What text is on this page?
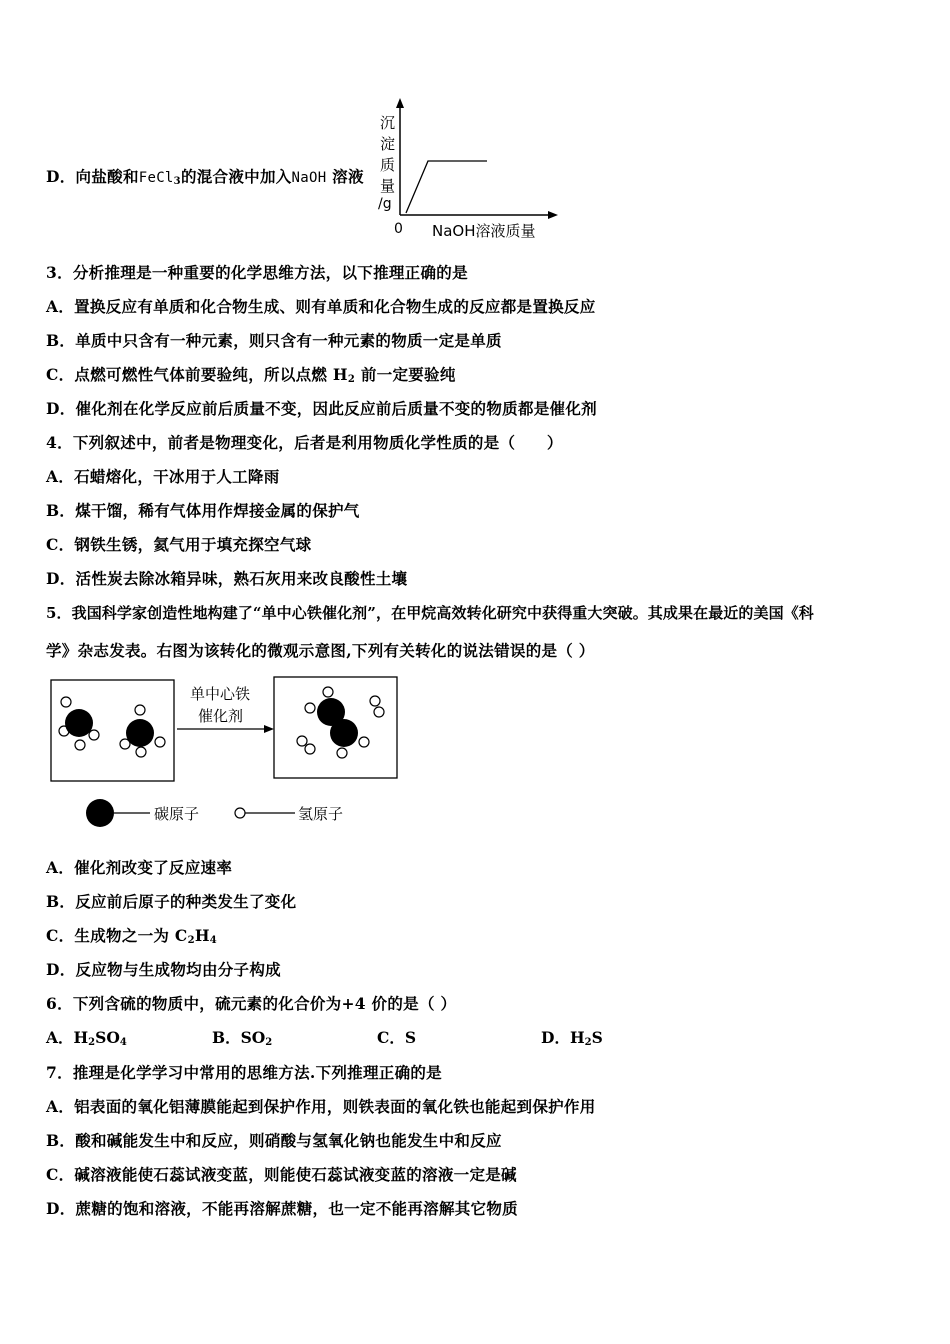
D．向盐酸和FeCl$_3$的混合液中加入NaOH 溶液
沉
淀
质
量
/g
0 NaOH溶液质量
3．分析推理是一种重要的化学思维方法，以下推理正确的是
A．置换反应有单质和化合物生成、则有单质和化合物生成的反应都是置换反应
B．单质中只含有一种元素，则只含有一种元素的物质一定是单质
C．点燃可燃性气体前要验纯，所以点燃 $H_2$ 前一定要验纯
D．催化剂在化学反应前后质量不变，因此反应前后质量不变的物质都是催化剂
4．下列叙述中，前者是物理变化，后者是利用物质化学性质的是（　　）
A．石蜡熔化，干冰用于人工降雨
B．煤干馏，稀有气体用作焊接金属的保护气
C．钢铁生锈，氦气用于填充探空气球
D．活性炭去除冰箱异味，熟石灰用来改良酸性土壤
5．我国科学家创造性地构建了“单中心铁催化剂”，在甲烷高效转化研究中获得重大突破。其成果在最近的美国《科
学》杂志发表。右图为该转化的微观示意图,下列有关转化的说法错误的是（ ）
单中心铁
催化剂
碳原子	氢原子
A．催化剂改变了反应速率
B．反应前后原子的种类发生了变化
C．生成物之一为 $C_2H_4$
D．反应物与生成物均由分子构成
6．下列含硫的物质中，硫元素的化合价为+4 价的是（ ）
A．$H_2SO_4$	B．$SO_2$	C．S	D．$H_2S$
7．推理是化学学习中常用的思维方法.下列推理正确的是
A．铝表面的氧化铝薄膜能起到保护作用，则铁表面的氧化铁也能起到保护作用
B．酸和碱能发生中和反应，则硝酸与氢氧化钠也能发生中和反应
C．碱溶液能使石蕊试液变蓝，则能使石蕊试液变蓝的溶液一定是碱
D．蔗糖的饱和溶液，不能再溶解蔗糖，也一定不能再溶解其它物质
